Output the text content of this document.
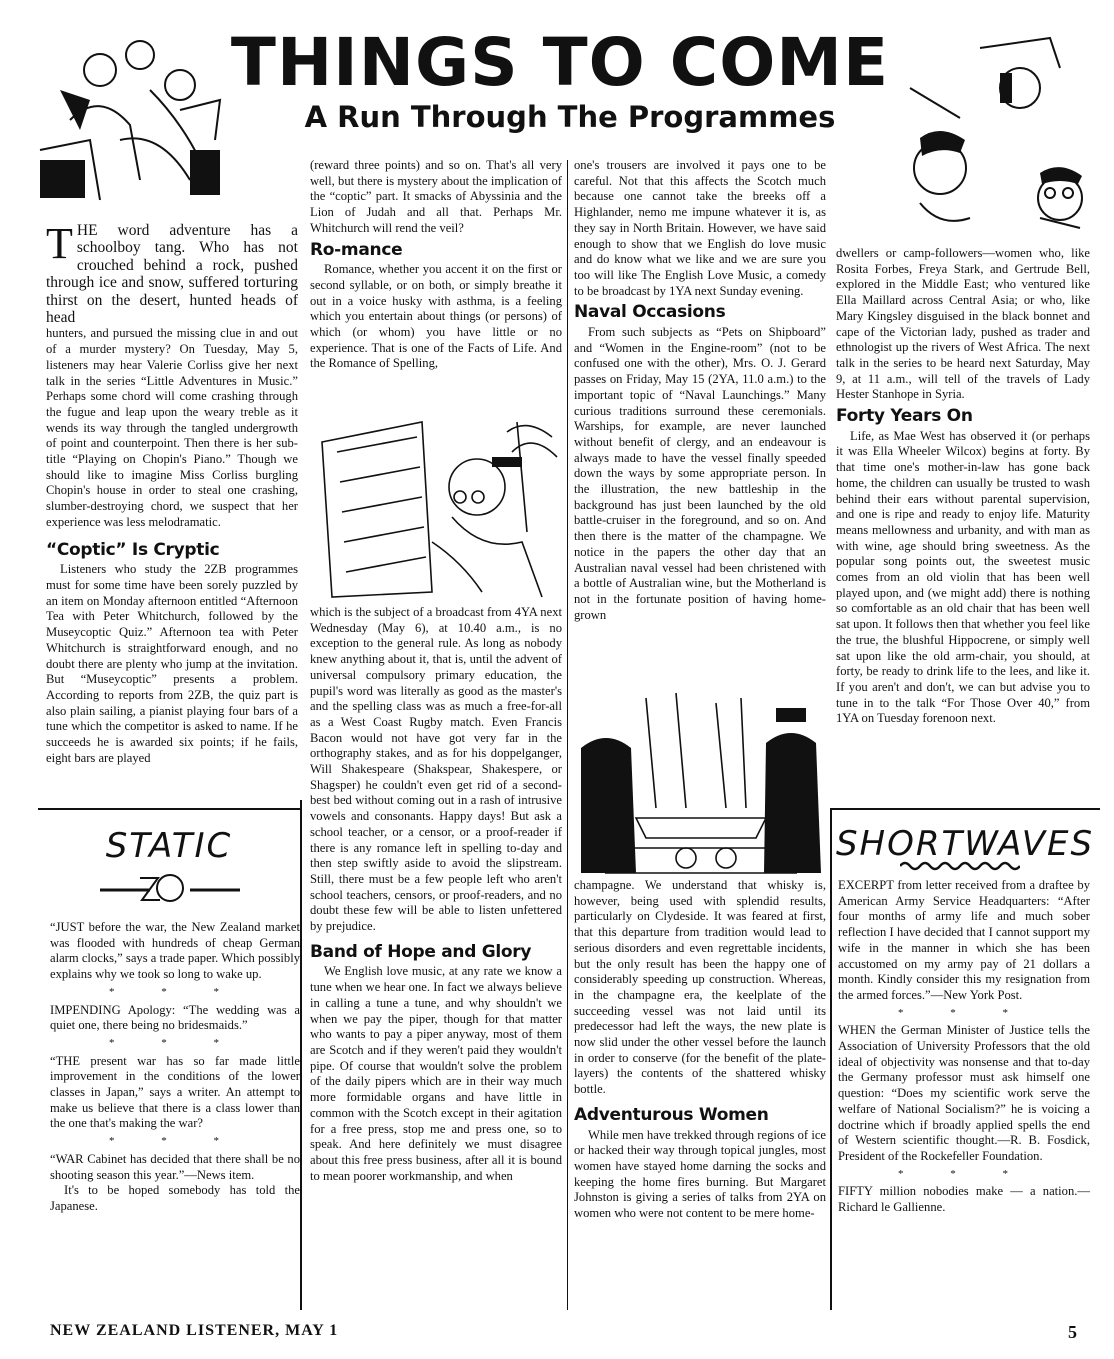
THINGS TO COME
A Run Through The Programmes

THE word adventure has a schoolboy tang. Who has not crouched behind a rock, pushed through ice and snow, suffered torturing thirst on the desert, hunted heads of head

hunters, and pursued the missing clue in and out of a murder mystery? On Tuesday, May 5, listeners may hear Valerie Corliss give her next talk in the series “Little Adventures in Music.” Perhaps some chord will come crashing through the fugue and leap upon the weary treble as it wends its way through the tangled undergrowth of point and counterpoint. Then there is her sub-title “Playing on Chopin's Piano.” Though we should like to imagine Miss Corliss burgling Chopin's house in order to steal one crashing, slumber-destroying chord, we suspect that her experience was less melodramatic.

“Coptic” Is Cryptic

Listeners who study the 2ZB programmes must for some time have been sorely puzzled by an item on Monday afternoon entitled “Afternoon Tea with Peter Whitchurch, followed by the Museycoptic Quiz.” Afternoon tea with Peter Whitchurch is straightforward enough, and no doubt there are plenty who jump at the invitation. But “Museycoptic” presents a problem. According to reports from 2ZB, the quiz part is also plain sailing, a pianist playing four bars of a tune which the competitor is asked to name. If he succeeds he is awarded six points; if he fails, eight bars are played

(reward three points) and so on. That's all very well, but there is mystery about the implication of the “coptic” part. It smacks of Abyssinia and the Lion of Judah and all that. Perhaps Mr. Whitchurch will rend the veil?

Ro-mance

Romance, whether you accent it on the first or second syllable, or on both, or simply breathe it out in a voice husky with asthma, is a feeling which you entertain about things (or persons) of which (or whom) you have little or no experience. That is one of the Facts of Life. And the Romance of Spelling,

which is the subject of a broadcast from 4YA next Wednesday (May 6), at 10.40 a.m., is no exception to the general rule. As long as nobody knew anything about it, that is, until the advent of universal compulsory primary education, the pupil's word was literally as good as the master's and the spelling class was as much a free-for-all as a West Coast Rugby match. Even Francis Bacon would not have got very far in the orthography stakes, and as for his doppelganger, Will Shakespeare (Shakspear, Shakespere, or Shagsper) he couldn't even get rid of a second-best bed without coming out in a rash of intrusive vowels and consonants. Happy days! But ask a school teacher, or a censor, or a proof-reader if there is any romance left in spelling to-day and then step swiftly aside to avoid the slipstream. Still, there must be a few people left who aren't school teachers, censors, or proof-readers, and no doubt these few will be able to listen unfettered by prejudice.

Band of Hope and Glory

We English love music, at any rate we know a tune when we hear one. In fact we always believe in calling a tune a tune, and why shouldn't we when we pay the piper, though for that matter who wants to pay a piper anyway, most of them are Scotch and if they weren't paid they wouldn't pipe. Of course that wouldn't solve the problem of the daily pipers which are in their way much more formidable organs and have little in common with the Scotch except in their agitation for a free press, stop me and press one, so to speak. And here definitely we must disagree about this free press business, after all it is bound to mean poorer workmanship, and when

one's trousers are involved it pays one to be careful. Not that this affects the Scotch much because one cannot take the breeks off a Highlander, nemo me impune whatever it is, as they say in North Britain. However, we have said enough to show that we English do love music and do know what we like and we are sure you too will like The English Love Music, a comedy to be broadcast by 1YA next Sunday evening.

Naval Occasions

From such subjects as “Pets on Shipboard” and “Women in the Engine-room” (not to be confused one with the other), Mrs. O. J. Gerard passes on Friday, May 15 (2YA, 11.0 a.m.) to the important topic of “Naval Launchings.” Many curious traditions surround these ceremonials. Warships, for example, are never launched without benefit of clergy, and an endeavour is always made to have the vessel finally speeded down the ways by some appropriate person. In the illustration, the new battleship in the background has just been launched by the old battle-cruiser in the foreground, and so on. And then there is the matter of the champagne. We notice in the papers the other day that an Australian naval vessel had been christened with a bottle of Australian wine, but the Motherland is not in the fortunate position of having home-grown

champagne. We understand that whisky is, however, being used with splendid results, particularly on Clydeside. It was feared at first, that this departure from tradition would lead to serious disorders and even regrettable incidents, but the only result has been the happy one of considerably speeding up construction. Whereas, in the champagne era, the keelplate of the succeeding vessel was not laid until its predecessor had left the ways, the new plate is now slid under the other vessel before the launch in order to conserve (for the benefit of the plate-layers) the contents of the shattered whisky bottle.

Adventurous Women

While men have trekked through regions of ice or hacked their way through topical jungles, most women have stayed home darning the socks and keeping the home fires burning. But Margaret Johnston is giving a series of talks from 2YA on women who were not content to be mere home-

dwellers or camp-followers—women who, like Rosita Forbes, Freya Stark, and Gertrude Bell, explored in the Middle East; who ventured like Ella Maillard across Central Asia; or who, like Mary Kingsley disguised in the black bonnet and cape of the Victorian lady, pushed as trader and ethnologist up the rivers of West Africa. The next talk in the series to be heard next Saturday, May 9, at 11 a.m., will tell of the travels of Lady Hester Stanhope in Syria.

Forty Years On

Life, as Mae West has observed it (or perhaps it was Ella Wheeler Wilcox) begins at forty. By that time one's mother-in-law has gone back home, the children can usually be trusted to wash behind their ears without parental supervision, and one is ripe and ready to enjoy life. Maturity means mellowness and urbanity, and with man as with wine, age should bring sweetness. As the popular song points out, the sweetest music comes from an old violin that has been well played upon, and (we might add) there is nothing so comfortable as an old chair that has been well sat upon. It follows then that whether you feel like the true, the blushful Hippocrene, or simply well sat upon like the old arm-chair, you should, at forty, be ready to drink life to the lees, and like it. If you aren't and don't, we can but advise you to tune in to the talk “For Those Over 40,” from 1YA on Tuesday forenoon next.

STATIC

“JUST before the war, the New Zealand market was flooded with hundreds of cheap German alarm clocks,” says a trade paper. Which possibly explains why we took so long to wake up.

* * *

IMPENDING Apology: “The wedding was a quiet one, there being no bridesmaids.”

* * *

“THE present war has so far made little improvement in the conditions of the lower classes in Japan,” says a writer. An attempt to make us believe that there is a class lower than the one that's making the war?

* * *

“WAR Cabinet has decided that there shall be no shooting season this year.”—News item.

It's to be hoped somebody has told the Japanese.

SHORTWAVES

EXCERPT from letter received from a draftee by American Army Service Headquarters: “After four months of army life and much sober reflection I have decided that I cannot support my wife in the manner in which she has been accustomed on my army pay of 21 dollars a month. Kindly consider this my resignation from the armed forces.”—New York Post.

* * *

WHEN the German Minister of Justice tells the Association of University Professors that the old ideal of objectivity was nonsense and that to-day the Germany professor must ask himself one question: “Does my scientific work serve the welfare of National Socialism?” he is voicing a doctrine which if broadly applied spells the end of Western scientific thought.—R. B. Fosdick, President of the Rockefeller Foundation.

* * *

FIFTY million nobodies make — a nation.—Richard le Gallienne.

NEW ZEALAND LISTENER, MAY 1	5
